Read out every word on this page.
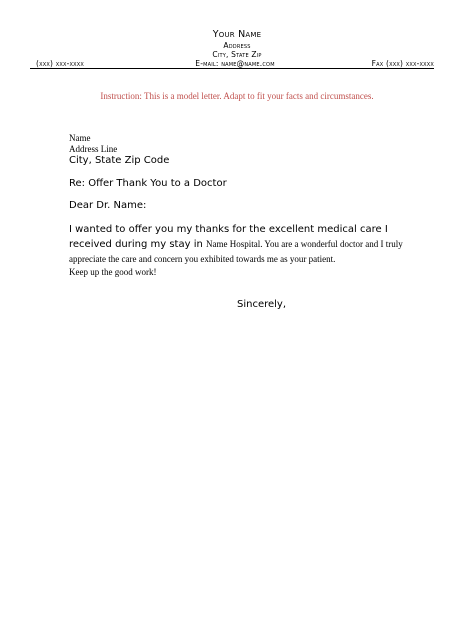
Your Name
Address
City, State Zip
(xxx) xxx-xxxx	E-mail: name@name.com	Fax (xxx) xxx-xxxx
Instruction: This is a model letter. Adapt to fit your facts and circumstances.
Name
Address Line
City, State Zip Code
Re: Offer Thank You to a Doctor
Dear Dr. Name:
I wanted to offer you my thanks for the excellent medical care I received during my stay in Name Hospital. You are a wonderful doctor and I truly appreciate the care and concern you exhibited towards me as your patient.
Keep up the good work!
Sincerely,
